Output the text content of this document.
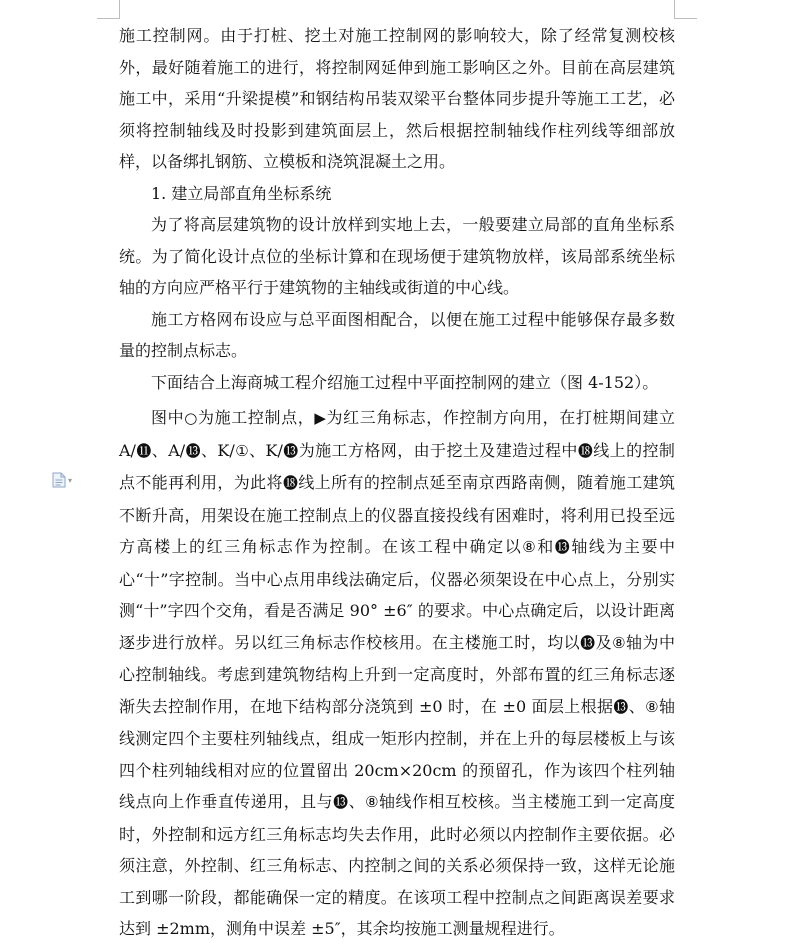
▾

施工控制网。由于打桩、挖土对施工控制网的影响较大，除了经常复测校核外，最好随着施工的进行，将控制网延伸到施工影响区之外。目前在高层建筑施工中，采用“升梁提模”和钢结构吊装双梁平台整体同步提升等施工工艺，必须将控制轴线及时投影到建筑面层上，然后根据控制轴线作柱列线等细部放样，以备绑扎钢筋、立模板和浇筑混凝土之用。

1. 建立局部直角坐标系统

为了将高层建筑物的设计放样到实地上去，一般要建立局部的直角坐标系统。为了简化设计点位的坐标计算和在现场便于建筑物放样，该局部系统坐标轴的方向应严格平行于建筑物的主轴线或街道的中心线。

施工方格网布设应与总平面图相配合，以便在施工过程中能够保存最多数量的控制点标志。

下面结合上海商城工程介绍施工过程中平面控制网的建立（图 4-152）。

图中○为施工控制点，▶为红三角标志，作控制方向用，在打桩期间建立 A/⓫、A/⓭、K/①、K/⓭为施工方格网，由于挖土及建造过程中⓲线上的控制点不能再利用，为此将⓲线上所有的控制点延至南京西路南侧，随着施工建筑不断升高，用架设在施工控制点上的仪器直接投线有困难时，将利用已投至远方高楼上的红三角标志作为控制。在该工程中确定以⑧和⓭轴线为主要中心“十”字控制。当中心点用串线法确定后，仪器必须架设在中心点上，分别实测“十”字四个交角，看是否满足 90° ±6″ 的要求。中心点确定后，以设计距离逐步进行放样。另以红三角标志作校核用。在主楼施工时，均以⓭及⑧轴为中心控制轴线。考虑到建筑物结构上升到一定高度时，外部布置的红三角标志逐渐失去控制作用，在地下结构部分浇筑到 ±0 时，在 ±0 面层上根据⓭、⑧轴线测定四个主要柱列轴线点，组成一矩形内控制，并在上升的每层楼板上与该四个柱列轴线相对应的位置留出 20cm×20cm 的预留孔，作为该四个柱列轴线点向上作垂直传递用，且与⓭、⑧轴线作相互校核。当主楼施工到一定高度时，外控制和远方红三角标志均失去作用，此时必须以内控制作主要依据。必须注意，外控制、红三角标志、内控制之间的关系必须保持一致，这样无论施工到哪一阶段，都能确保一定的精度。在该项工程中控制点之间距离误差要求达到 ±2mm，测角中误差 ±5″，其余均按施工测量规程进行。
